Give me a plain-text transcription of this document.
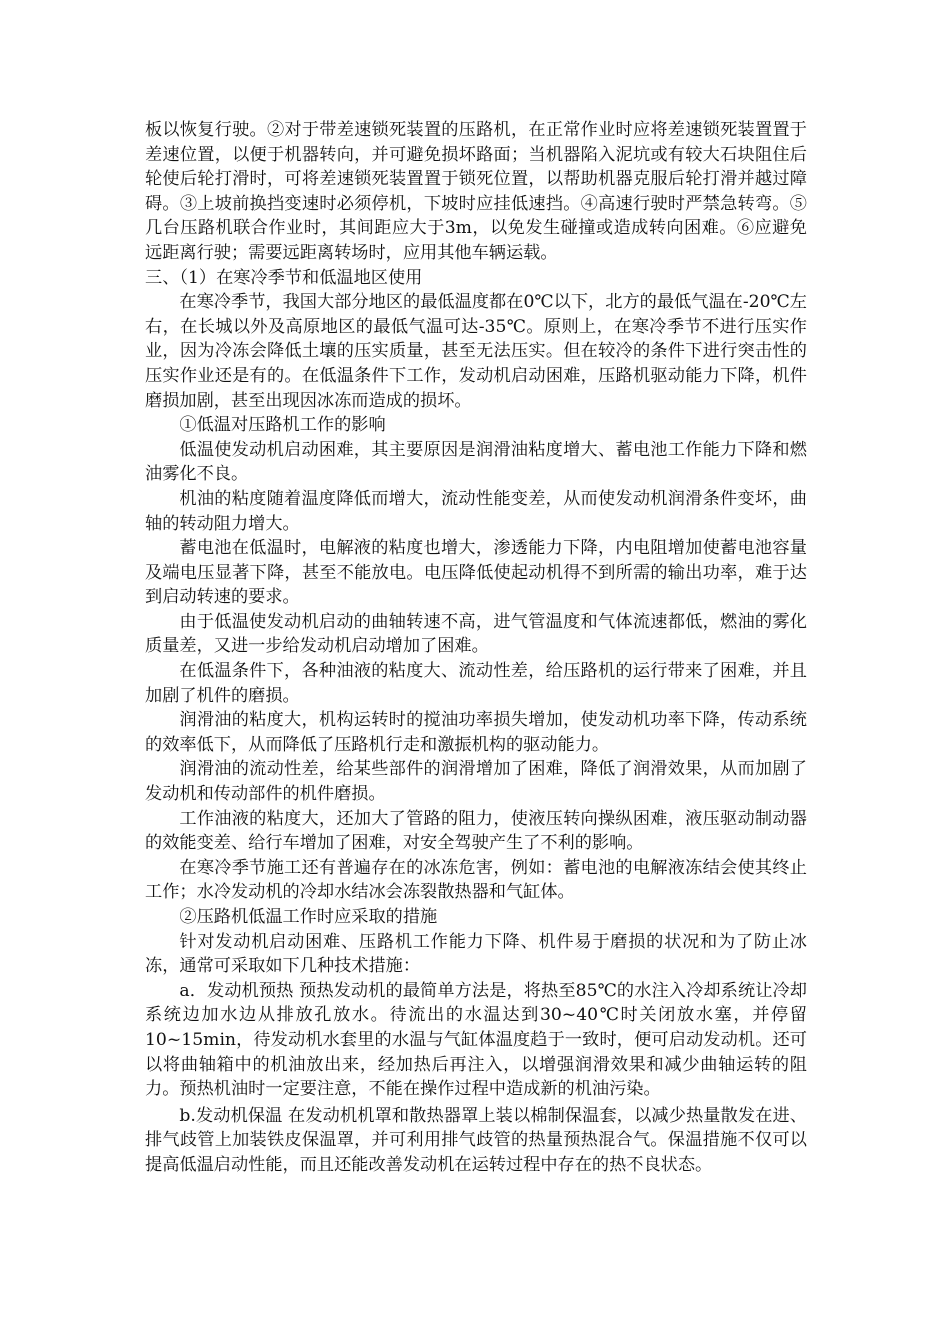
板以恢复行驶。②对于带差速锁死装置的压路机，在正常作业时应将差速锁死装置置于差速位置，以便于机器转向，并可避免损坏路面；当机器陷入泥坑或有较大石块阻住后轮使后轮打滑时，可将差速锁死装置置于锁死位置，以帮助机器克服后轮打滑并越过障碍。③上坡前换挡变速时必须停机，下坡时应挂低速挡。④高速行驶时严禁急转弯。⑤几台压路机联合作业时，其间距应大于3m，以免发生碰撞或造成转向困难。⑥应避免远距离行驶；需要远距离转场时，应用其他车辆运载。

三、（1）在寒冷季节和低温地区使用

在寒冷季节，我国大部分地区的最低温度都在0℃以下，北方的最低气温在-20℃左右，在长城以外及高原地区的最低气温可达-35℃。原则上，在寒冷季节不进行压实作业，因为冷冻会降低土壤的压实质量，甚至无法压实。但在较冷的条件下进行突击性的压实作业还是有的。在低温条件下工作，发动机启动困难，压路机驱动能力下降，机件磨损加剧，甚至出现因冰冻而造成的损坏。

①低温对压路机工作的影响

低温使发动机启动困难，其主要原因是润滑油粘度增大、蓄电池工作能力下降和燃油雾化不良。

机油的粘度随着温度降低而增大，流动性能变差，从而使发动机润滑条件变坏，曲轴的转动阻力增大。

蓄电池在低温时，电解液的粘度也增大，渗透能力下降，内电阻增加使蓄电池容量及端电压显著下降，甚至不能放电。电压降低使起动机得不到所需的输出功率，难于达到启动转速的要求。

由于低温使发动机启动的曲轴转速不高，进气管温度和气体流速都低，燃油的雾化质量差，又进一步给发动机启动增加了困难。

在低温条件下，各种油液的粘度大、流动性差，给压路机的运行带来了困难，并且加剧了机件的磨损。

润滑油的粘度大，机构运转时的搅油功率损失增加，使发动机功率下降，传动系统的效率低下，从而降低了压路机行走和激振机构的驱动能力。

润滑油的流动性差，给某些部件的润滑增加了困难，降低了润滑效果，从而加剧了发动机和传动部件的机件磨损。

工作油液的粘度大，还加大了管路的阻力，使液压转向操纵困难，液压驱动制动器的效能变差、给行车增加了困难，对安全驾驶产生了不利的影响。

在寒冷季节施工还有普遍存在的冰冻危害，例如：蓄电池的电解液冻结会使其终止工作；水冷发动机的冷却水结冰会冻裂散热器和气缸体。

②压路机低温工作时应采取的措施

针对发动机启动困难、压路机工作能力下降、机件易于磨损的状况和为了防止冰冻，通常可采取如下几种技术措施：

a．发动机预热 预热发动机的最简单方法是，将热至85℃的水注入冷却系统让冷却系统边加水边从排放孔放水。待流出的水温达到30~40℃时关闭放水塞，并停留10~15min，待发动机水套里的水温与气缸体温度趋于一致时，便可启动发动机。还可以将曲轴箱中的机油放出来，经加热后再注入，以增强润滑效果和减少曲轴运转的阻力。预热机油时一定要注意，不能在操作过程中造成新的机油污染。

b.发动机保温 在发动机机罩和散热器罩上装以棉制保温套，以减少热量散发在进、排气歧管上加装铁皮保温罩，并可利用排气歧管的热量预热混合气。保温措施不仅可以提高低温启动性能，而且还能改善发动机在运转过程中存在的热不良状态。
